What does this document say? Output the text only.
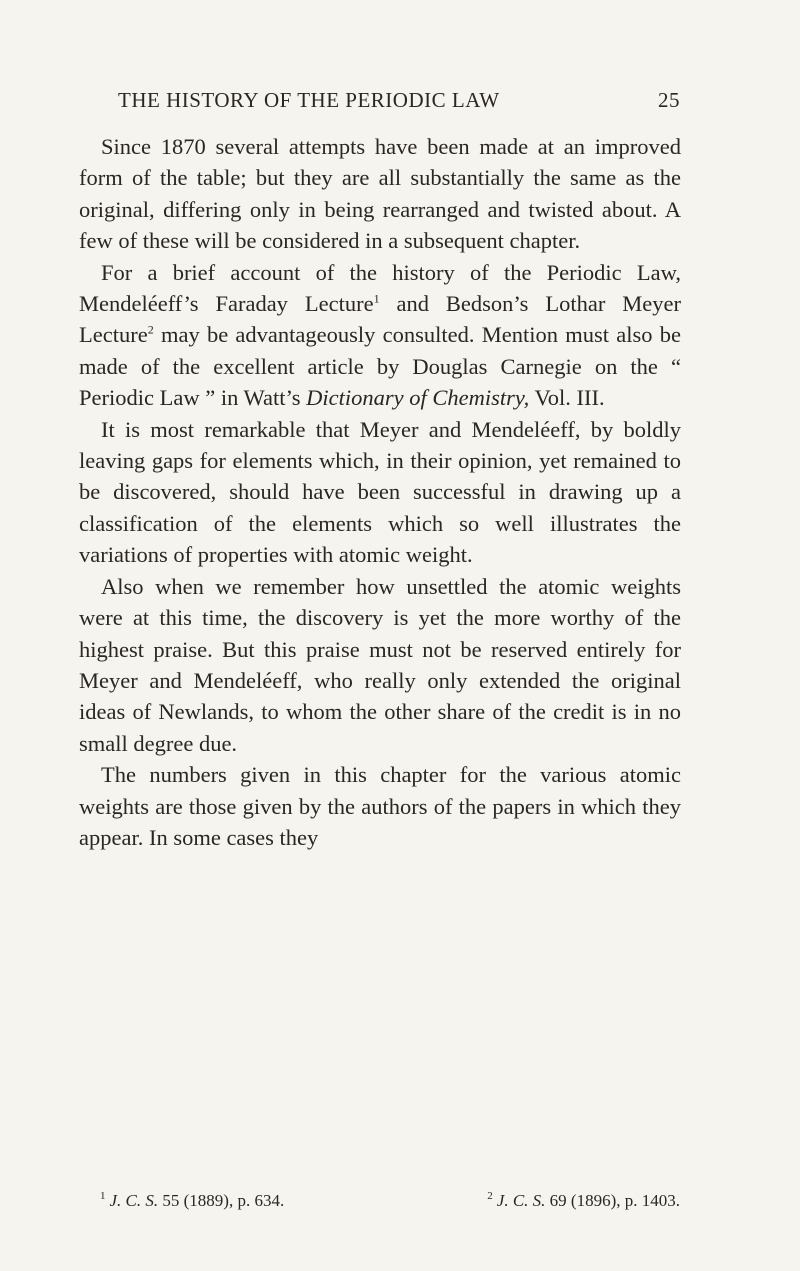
THE HISTORY OF THE PERIODIC LAW	25

Since 1870 several attempts have been made at an improved form of the table; but they are all substantially the same as the original, differing only in being rearranged and twisted about. A few of these will be considered in a subsequent chapter.

For a brief account of the history of the Periodic Law, Mendeléeff’s Faraday Lecture$^1$ and Bedson’s Lothar Meyer Lecture$^2$ may be advantageously consulted. Mention must also be made of the excellent article by Douglas Carnegie on the “ Periodic Law ” in Watt’s Dictionary of Chemistry, Vol. III.

It is most remarkable that Meyer and Mendeléeff, by boldly leaving gaps for elements which, in their opinion, yet remained to be discovered, should have been successful in drawing up a classification of the elements which so well illustrates the variations of properties with atomic weight.

Also when we remember how unsettled the atomic weights were at this time, the discovery is yet the more worthy of the highest praise. But this praise must not be reserved entirely for Meyer and Mendeléeff, who really only extended the original ideas of Newlands, to whom the other share of the credit is in no small degree due.

The numbers given in this chapter for the various atomic weights are those given by the authors of the papers in which they appear. In some cases they

$^1$ J. C. S. 55 (1889), p. 634.	$^2$ J. C. S. 69 (1896), p. 1403.
